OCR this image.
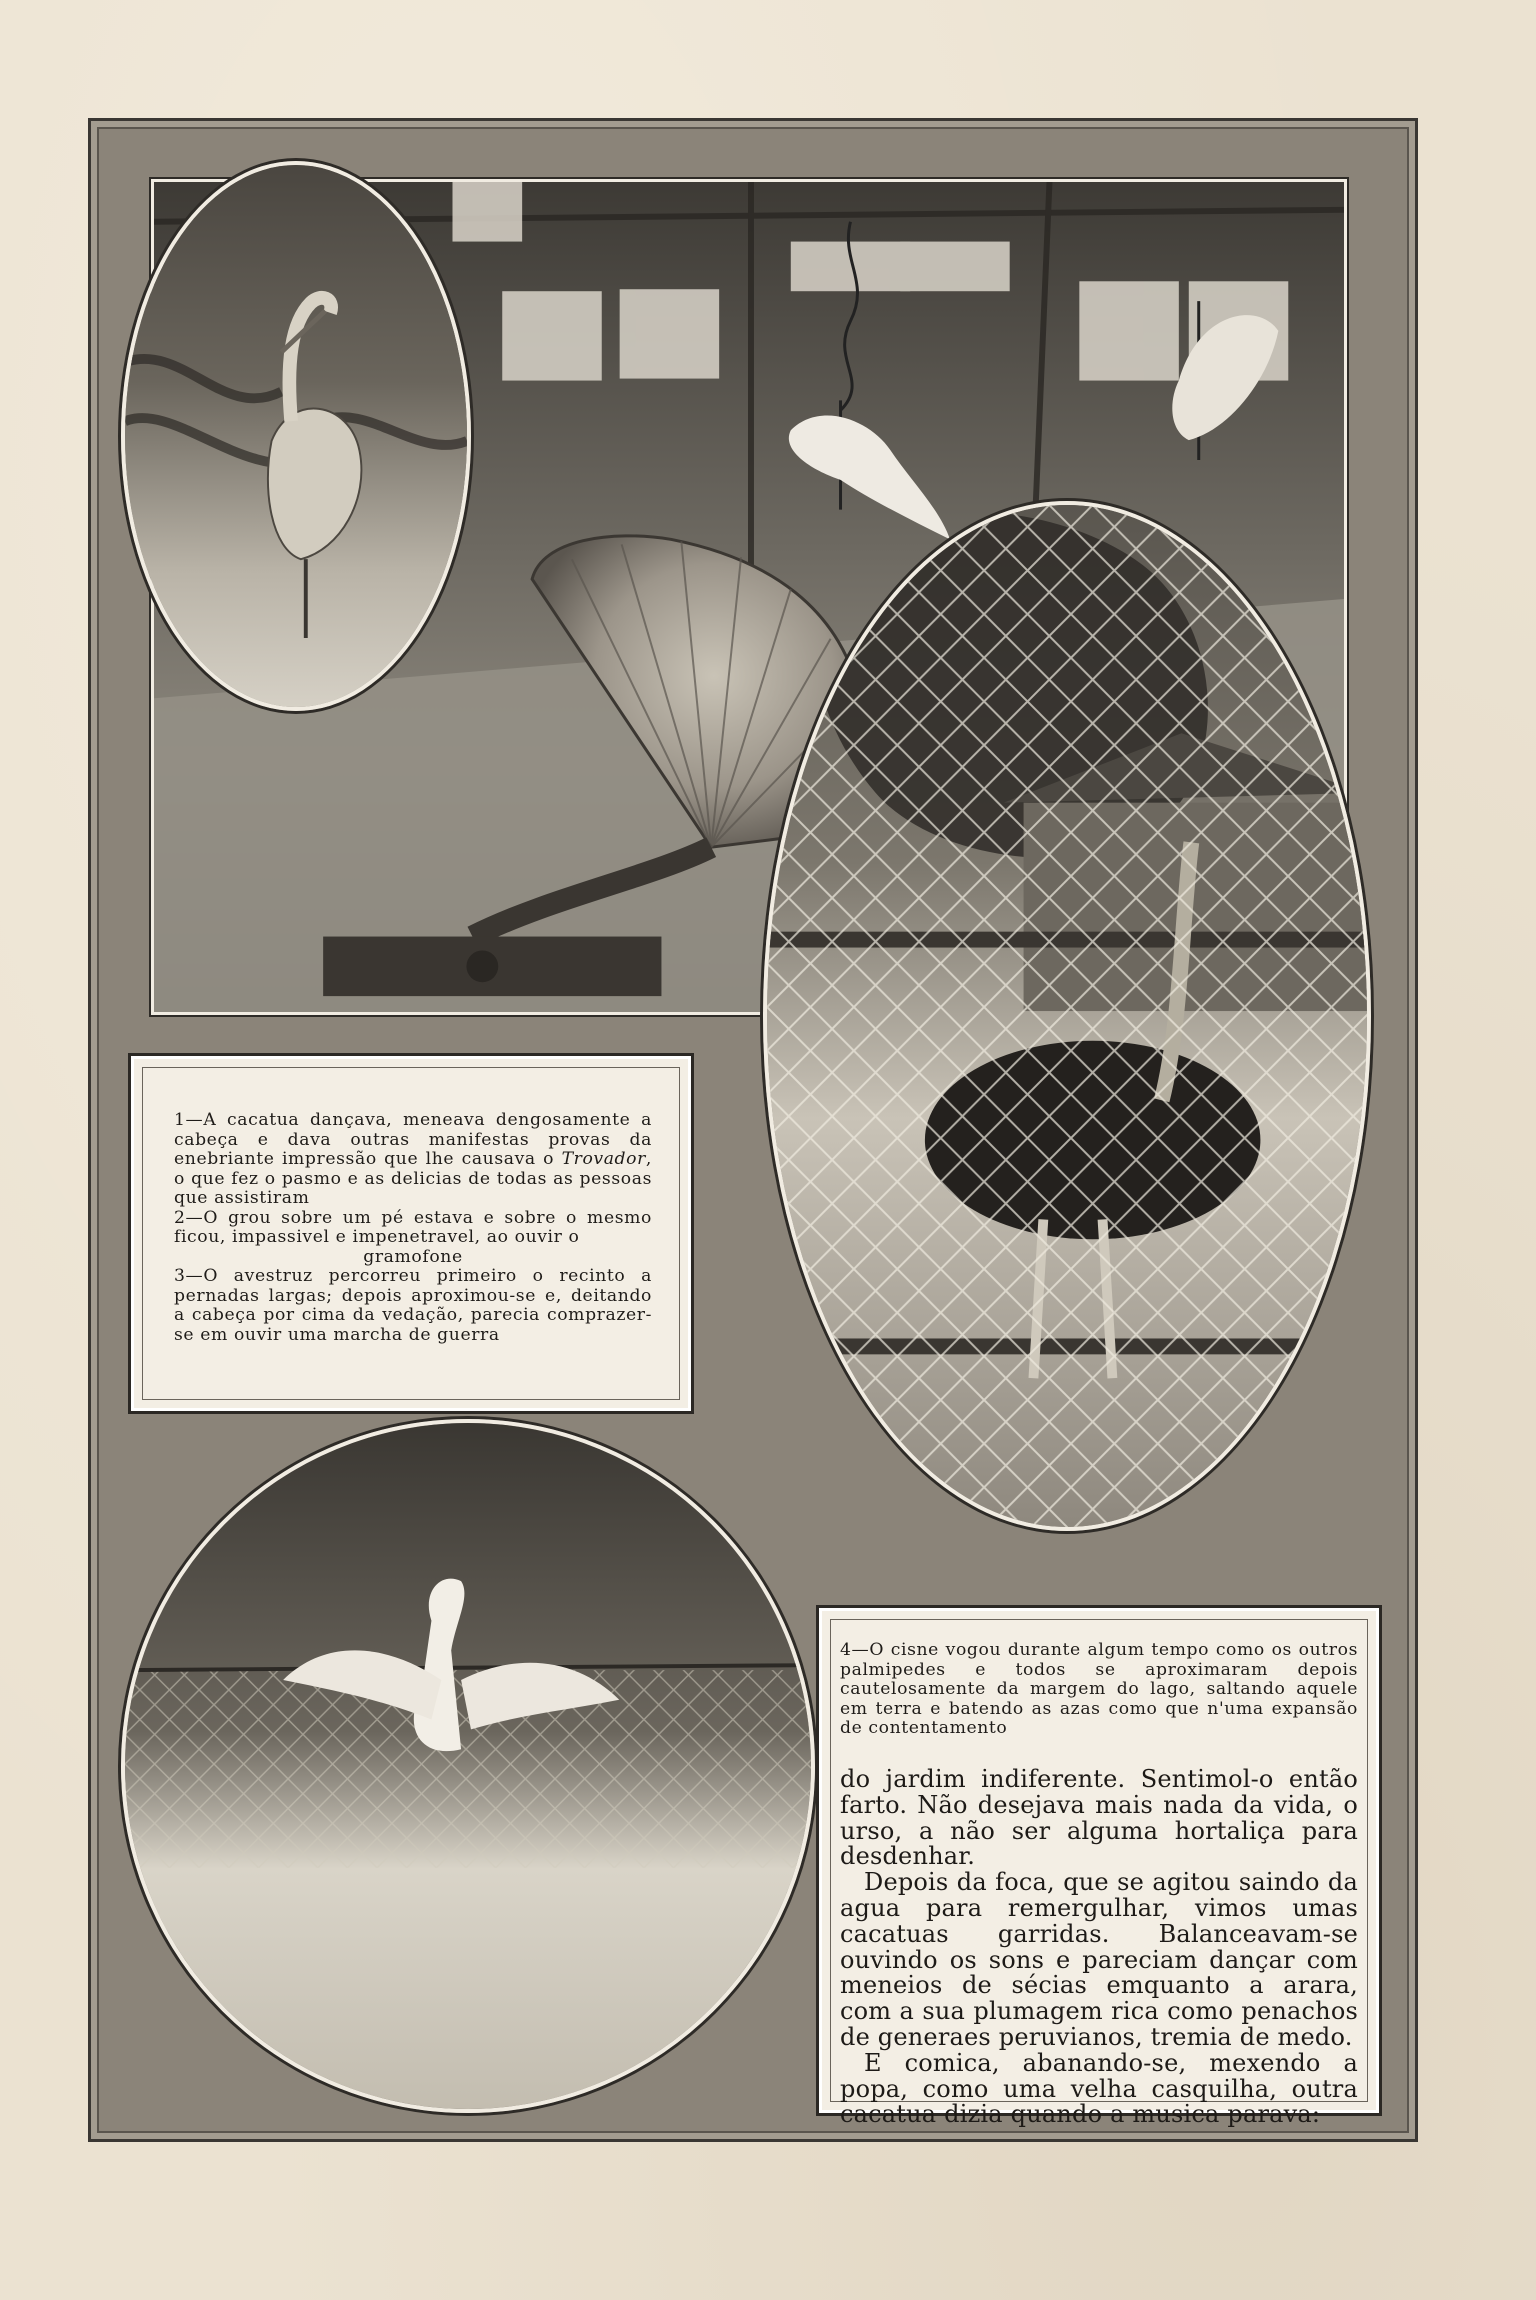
1—A cacatua dançava, meneava dengosamente a cabeça e dava outras manifestas provas da enebriante impressão que lhe causava o Trovador, o que fez o pasmo e as delicias de todas as pessoas que assistiram

2—O grou sobre um pé estava e sobre o mesmo ficou, impassivel e impenetravel, ao ouvir o

gramofone

3—O avestruz percorreu primeiro o recinto a pernadas largas; depois aproximou-se e, deitando a cabeça por cima da vedação, parecia comprazer-se em ouvir uma marcha de guerra

4—O cisne vogou durante algum tempo como os outros palmipedes e todos se aproximaram depois cautelosamente da margem do lago, saltando aquele em terra e batendo as azas como que n'uma expansão de contentamento

do jardim indiferente. Sentimol-o então farto. Não desejava mais nada da vida, o urso, a não ser alguma hortaliça para desdenhar.

Depois da foca, que se agitou saindo da agua para remergulhar, vimos umas cacatuas garridas. Balanceavam-se ouvindo os sons e pareciam dançar com meneios de sécias emquanto a arara, com a sua plumagem rica como penachos de generaes peruvianos, tremia de medo.

E comica, abanando-se, mexendo a popa, como uma velha casquilha, outra cacatua dizia quando a musica parava:
